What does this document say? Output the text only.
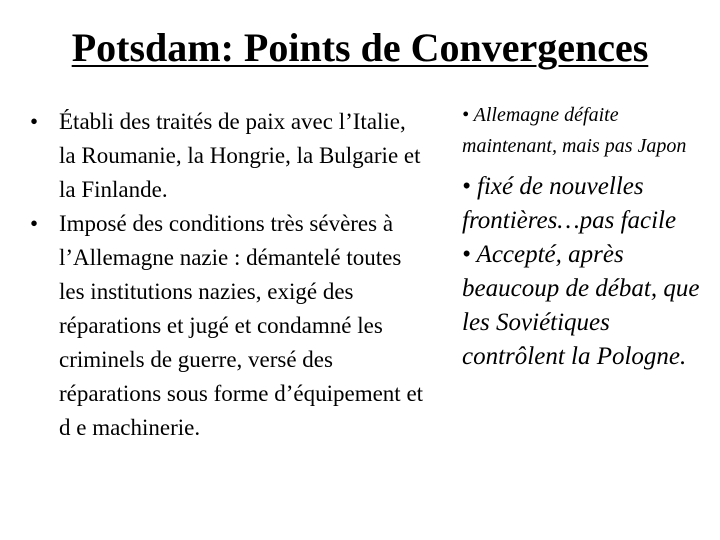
Potsdam: Points de Convergences
• Établi des traités de paix avec l’Italie, la Roumanie, la Hongrie, la Bulgarie et la Finlande.
• Imposé des conditions très sévères à l’Allemagne nazie : démantelé toutes les institutions nazies, exigé des réparations et jugé et condamné les criminels de guerre, versé des réparations sous forme d’équipement et d e machinerie.

• Allemagne défaite maintenant, mais pas Japon

• fixé de nouvelles frontières…pas facile

• Accepté, après beaucoup de débat, que les Soviétiques contrôlent la Pologne.
